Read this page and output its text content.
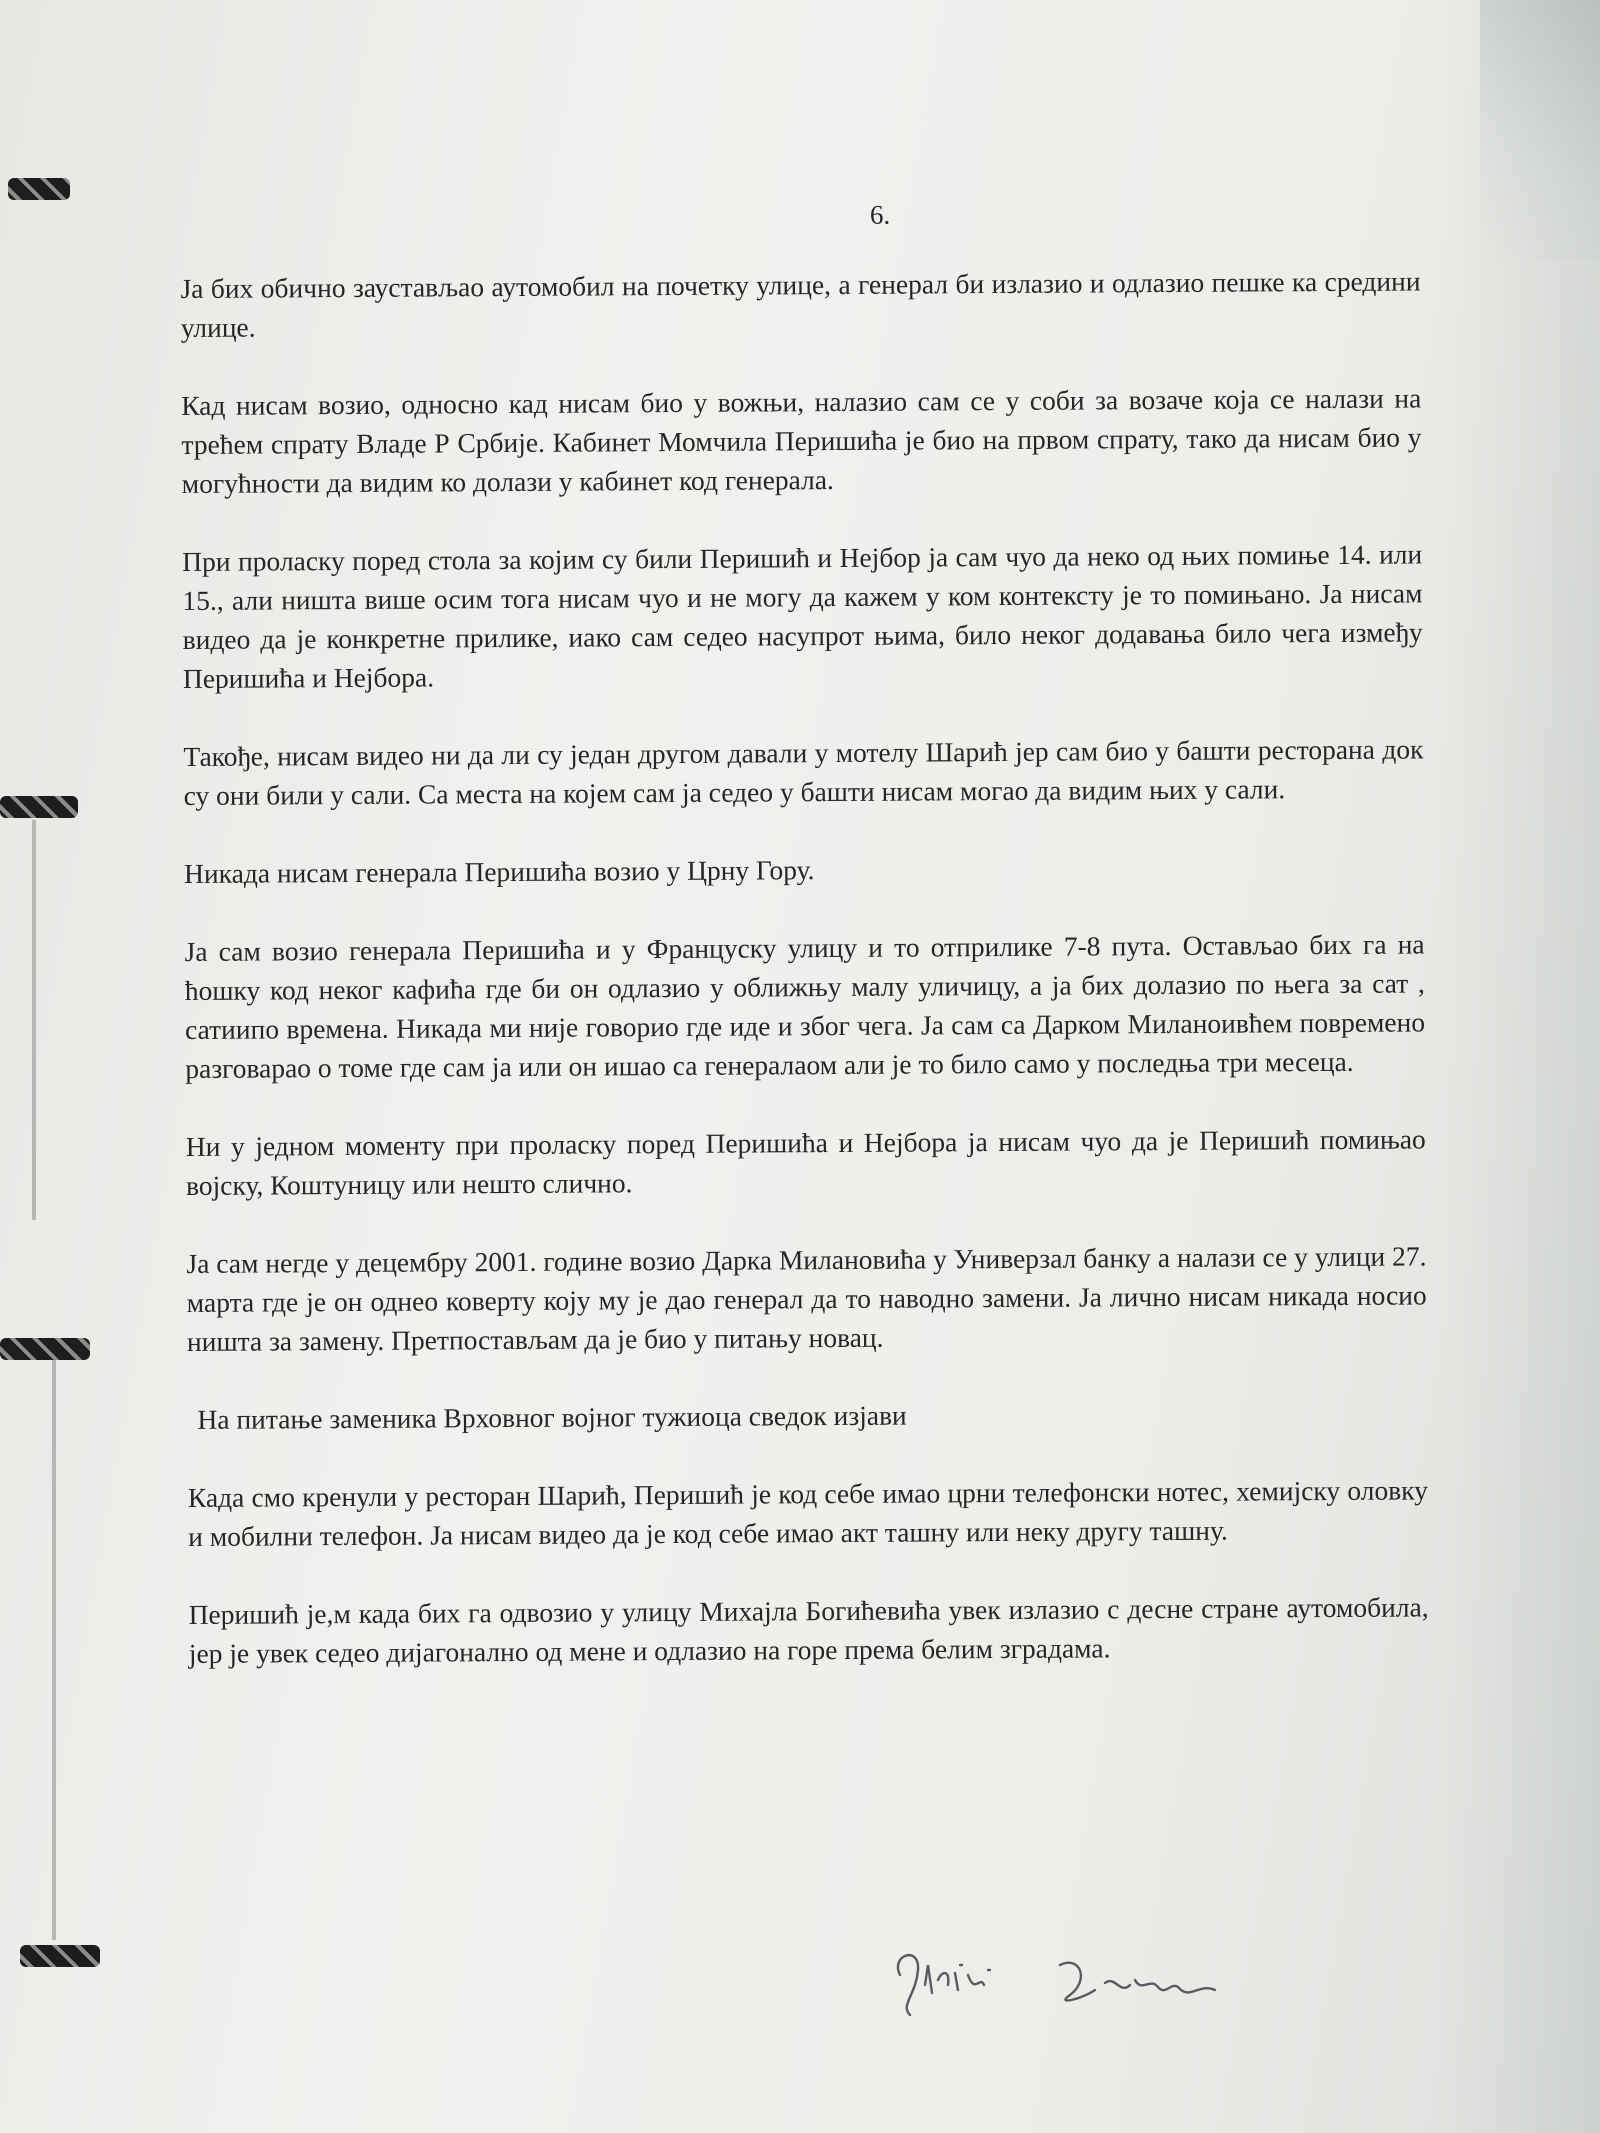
6.

Ја бих обично заустављао аутомобил на почетку улице, а генерал би излазио и одлазио пешке ка средини улице.

Кад нисам возио, односно кад нисам био у вожњи, налазио сам се у соби за возаче која се налази на трећем спрату Владе Р Србије. Кабинет Момчила Перишића је био на првом спрату, тако да нисам био у могућности да видим ко долази у кабинет код генерала.

При проласку поред стола за којим су били Перишић и Нејбор ја сам чуо да неко од њих помиње 14. или 15., али ништа више осим тога нисам чуо и не могу да кажем у ком контексту је то помињано. Ја нисам видео да је конкретне прилике, иако сам седео насупрот њима, било неког додавања било чега између Перишића и Нејбора.

Такође, нисам видео ни да ли су један другом давали у мотелу Шарић јер сам био у башти ресторана док су они били у сали. Са места на којем сам ја седео у башти нисам могао да видим њих у сали.

Никада нисам генерала Перишића возио у Црну Гору.

Ја сам возио генерала Перишића и у Француску улицу и то отприлике 7-8 пута. Остављао бих га на ћошку код неког кафића где би он одлазио у оближњу малу уличицу, а ја бих долазио по њега за сат , сатиипо времена. Никада ми није говорио где иде и због чега. Ја сам са Дарком Миланоивћем повремено разговарао о томе где сам ја или он ишао са генералаом али је то било само у последња три месеца.

Ни у једном моменту при проласку поред Перишића и Нејбора ја нисам чуо да је Перишић помињао војску, Коштуницу или нешто слично.

Ја сам негде у децембру 2001. године возио Дарка Милановића у Универзал банку а налази се у улици 27. марта где је он однео коверту коју му је дао генерал да то наводно замени. Ја лично нисам никада носио ништа за замену. Претпостављам да је био у питању новац.

На питање заменика Врховног војног тужиоца сведок изјави

Када смо кренули у ресторан Шарић, Перишић је код себе имао црни телефонски нотес, хемијску оловку и мобилни телефон. Ја нисам видео да је код себе имао акт ташну или неку другу ташну.

Перишић је,м када бих га одвозио у улицу Михајла Богићевића увек излазио с десне стране аутомобила, јер је увек седео дијагонално од мене и одлазио на горе према белим зградама.
